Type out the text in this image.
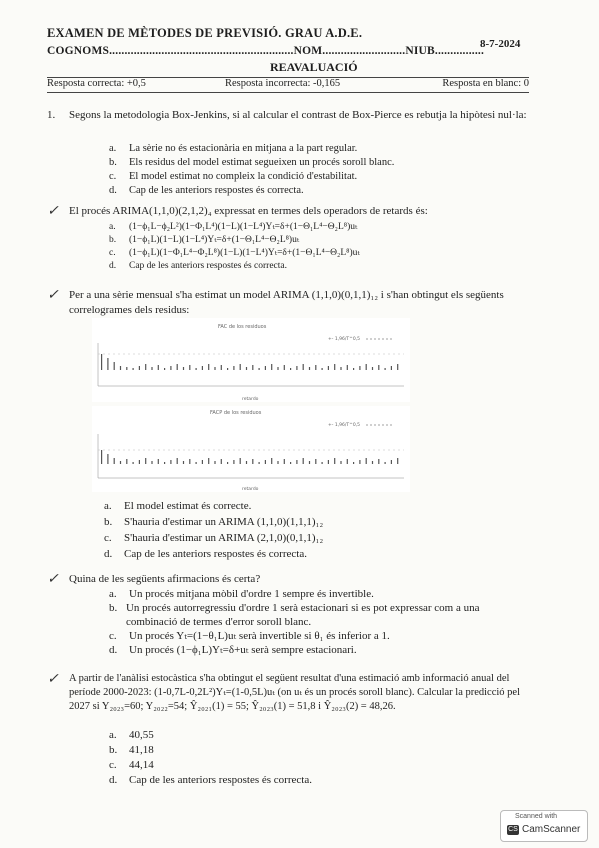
EXAMEN DE MÈTODES DE PREVISIÓ. GRAU A.D.E.
8-7-2024
COGNOMS............................................................NOM...........................NIUB................
REAVALUACIÓ
Resposta correcta: +0,5	Resposta incorrecta: -0,165	Resposta en blanc: 0
1. Segons la metodologia Box-Jenkins, si al calcular el contrast de Box-Pierce es rebutja la hipòtesi nul·la:
a.	La sèrie no és estacionària en mitjana a la part regular.
b.	Els residus del model estimat segueixen un procés soroll blanc.
c.	El model estimat no compleix la condició d'estabilitat.
d.	Cap de les anteriors respostes és correcta.
✓ El procés ARIMA(1,1,0)(2,1,2)₄ expressat en termes dels operadors de retards és:
a.	(1−ϕ₁L−ϕ₂L²)(1−Φ₁L⁴)(1−L)(1−L⁴)Yₜ=δ+(1−Θ₁L⁴−Θ₂L⁸)uₜ
b.	(1−ϕ₁L)(1−L)(1−L⁴)Yₜ=δ+(1−Θ₁L⁴−Θ₂L⁸)uₜ
c.	(1−ϕ₁L)(1−Φ₁L⁴−Φ₂L⁸)(1−L)(1−L⁴)Yₜ=δ+(1−Θ₁L⁴−Θ₂L⁸)uₜ
d.	Cap de les anteriors respostes és correcta.
✓ Per a una sèrie mensual s'ha estimat un model ARIMA (1,1,0)(0,1,1)₁₂ i s'han obtingut els següents correlogrames dels residus:
FAC de los residuos
+- 1,96/T^0,5
retardo
FACP de los residuos
+- 1,96/T^0,5
retardo
a.	El model estimat és correcte.
b.	S'hauria d'estimar un ARIMA (1,1,0)(1,1,1)₁₂
c.	S'hauria d'estimar un ARIMA (2,1,0)(0,1,1)₁₂
d.	Cap de les anteriors respostes és correcta.
✓ Quina de les següents afirmacions és certa?
a.	Un procés mitjana mòbil d'ordre 1 sempre és invertible.
b. Un procés autorregressiu d'ordre 1 serà estacionari si es pot expressar com a una combinació de termes d'error soroll blanc.
c.	Un procés Yₜ=(1−θ₁L)uₜ serà invertible si θ₁ és inferior a 1.
d.	Un procés (1−ϕ₁L)Yₜ=δ+uₜ serà sempre estacionari.
✓ A partir de l'anàlisi estocàstica s'ha obtingut el següent resultat d'una estimació amb informació anual del període 2000-2023: (1-0,7L-0,2L²)Yₜ=(1-0,5L)uₜ (on uₜ és un procés soroll blanc). Calcular la predicció pel 2027 si Y₂₀₂₃=60; Y₂₀₂₂=54; Ŷ₂₀₂₁(1) = 55; Ŷ₂₀₂₃(1) = 51,8 i Ŷ₂₀₂₃(2) = 48,26.
a.	40,55
b.	41,18
c.	44,14
d.	Cap de les anteriors respostes és correcta.
Scanned with
CS CamScanner
